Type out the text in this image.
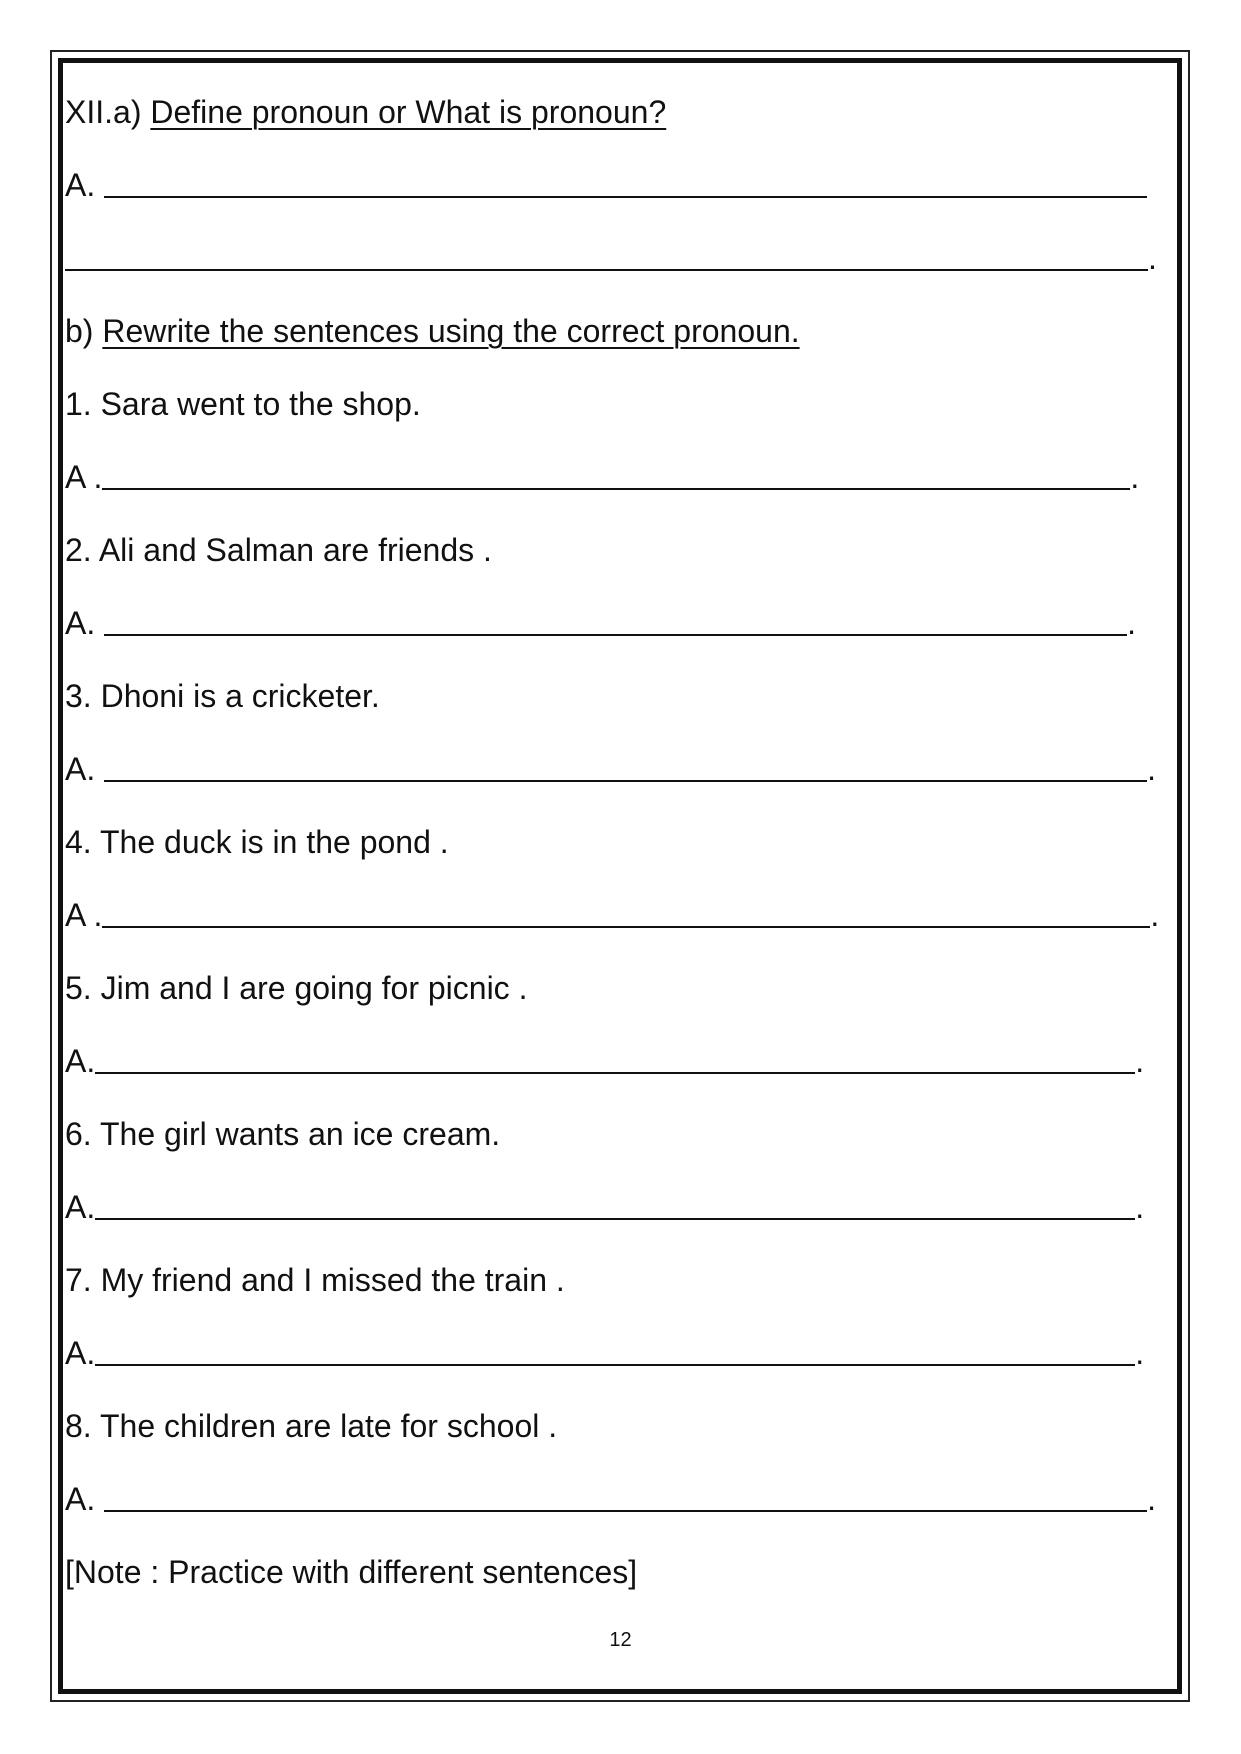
XII.a) Define pronoun or What is pronoun?
A.
.
b) Rewrite the sentences using the correct pronoun.
1. Sara went to the shop.
A .	.
2. Ali and Salman are friends .
A.	.
3. Dhoni is a cricketer.
A.	.
4. The duck is in the pond .
A .	.
5. Jim and I are going for picnic .
A.	.
6. The girl wants an ice cream.
A.	.
7. My friend and I missed the train .
A.	.
8. The children are late for school .
A.	.
[Note : Practice with different sentences]
12
